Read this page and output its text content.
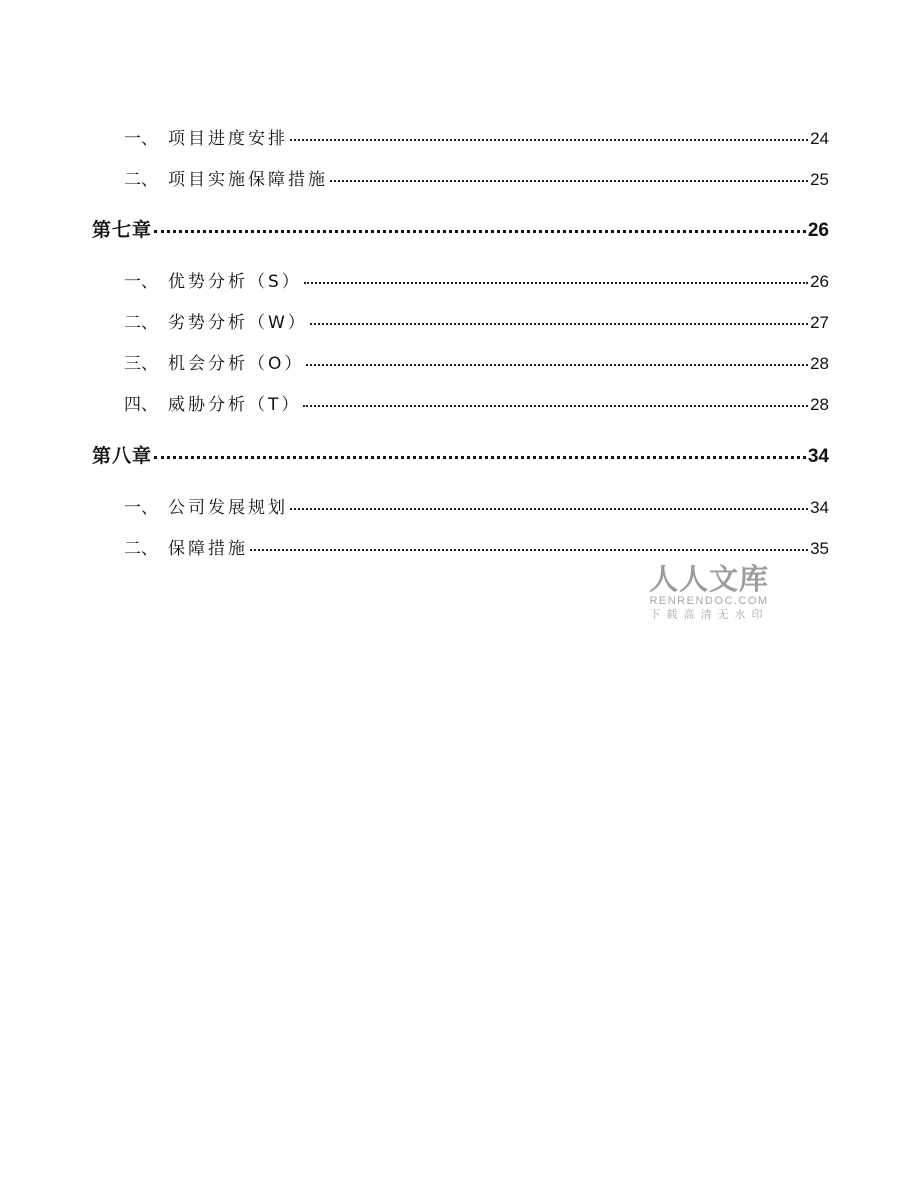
一、 项目进度安排	24
二、 项目实施保障措施	25
第七章	26
一、 优势分析（S）	26
二、 劣势分析（W）	27
三、 机会分析（O）	28
四、 威胁分析（T）	28
第八章	34
一、 公司发展规划	34
二、 保障措施	35
人人文库
RENRENDOC.COM
下载高清无水印
